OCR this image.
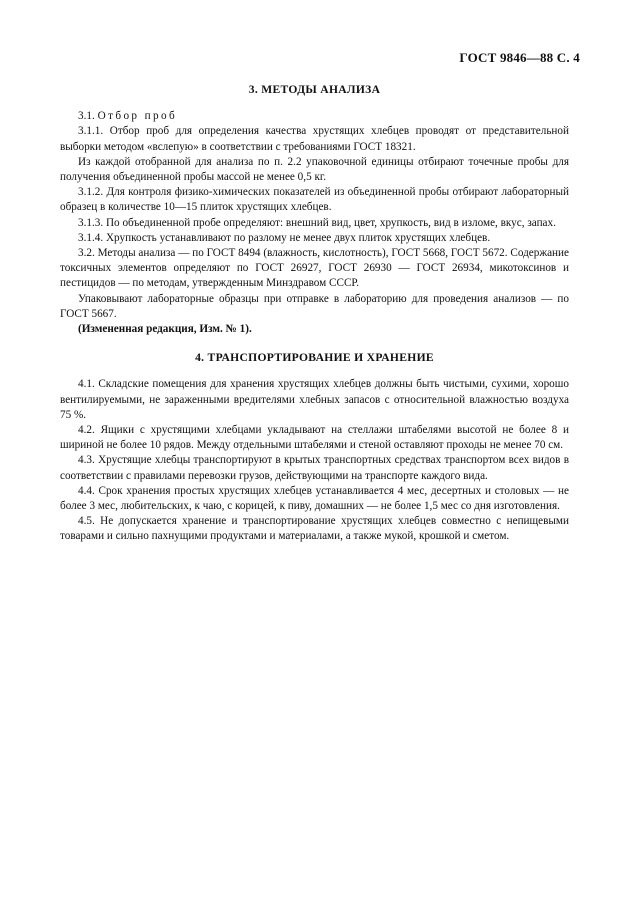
ГОСТ 9846—88 С. 4
3. МЕТОДЫ АНАЛИЗА

3.1. Отбор проб

3.1.1. Отбор проб для определения качества хрустящих хлебцев проводят от представительной выборки методом «вслепую» в соответствии с требованиями ГОСТ 18321.

Из каждой отобранной для анализа по п. 2.2 упаковочной единицы отбирают точечные пробы для получения объединенной пробы массой не менее 0,5 кг.

3.1.2. Для контроля физико-химических показателей из объединенной пробы отбирают лабораторный образец в количестве 10—15 плиток хрустящих хлебцев.

3.1.3. По объединенной пробе определяют: внешний вид, цвет, хрупкость, вид в изломе, вкус, запах.

3.1.4. Хрупкость устанавливают по разлому не менее двух плиток хрустящих хлебцев.

3.2. Методы анализа — по ГОСТ 8494 (влажность, кислотность), ГОСТ 5668, ГОСТ 5672. Содержание токсичных элементов определяют по ГОСТ 26927, ГОСТ 26930 — ГОСТ 26934, микотоксинов и пестицидов — по методам, утвержденным Минздравом СССР.

Упаковывают лабораторные образцы при отправке в лабораторию для проведения анализов — по ГОСТ 5667.

(Измененная редакция, Изм. № 1).

4. ТРАНСПОРТИРОВАНИЕ И ХРАНЕНИЕ

4.1. Складские помещения для хранения хрустящих хлебцев должны быть чистыми, сухими, хорошо вентилируемыми, не зараженными вредителями хлебных запасов с относительной влажностью воздуха 75 %.

4.2. Ящики с хрустящими хлебцами укладывают на стеллажи штабелями высотой не более 8 и шириной не более 10 рядов. Между отдельными штабелями и стеной оставляют проходы не менее 70 см.

4.3. Хрустящие хлебцы транспортируют в крытых транспортных средствах транспортом всех видов в соответствии с правилами перевозки грузов, действующими на транспорте каждого вида.

4.4. Срок хранения простых хрустящих хлебцев устанавливается 4 мес, десертных и столовых — не более 3 мес, любительских, к чаю, с корицей, к пиву, домашних — не более 1,5 мес со дня изготовления.

4.5. Не допускается хранение и транспортирование хрустящих хлебцев совместно с непищевыми товарами и сильно пахнущими продуктами и материалами, а также мукой, крошкой и сметом.
